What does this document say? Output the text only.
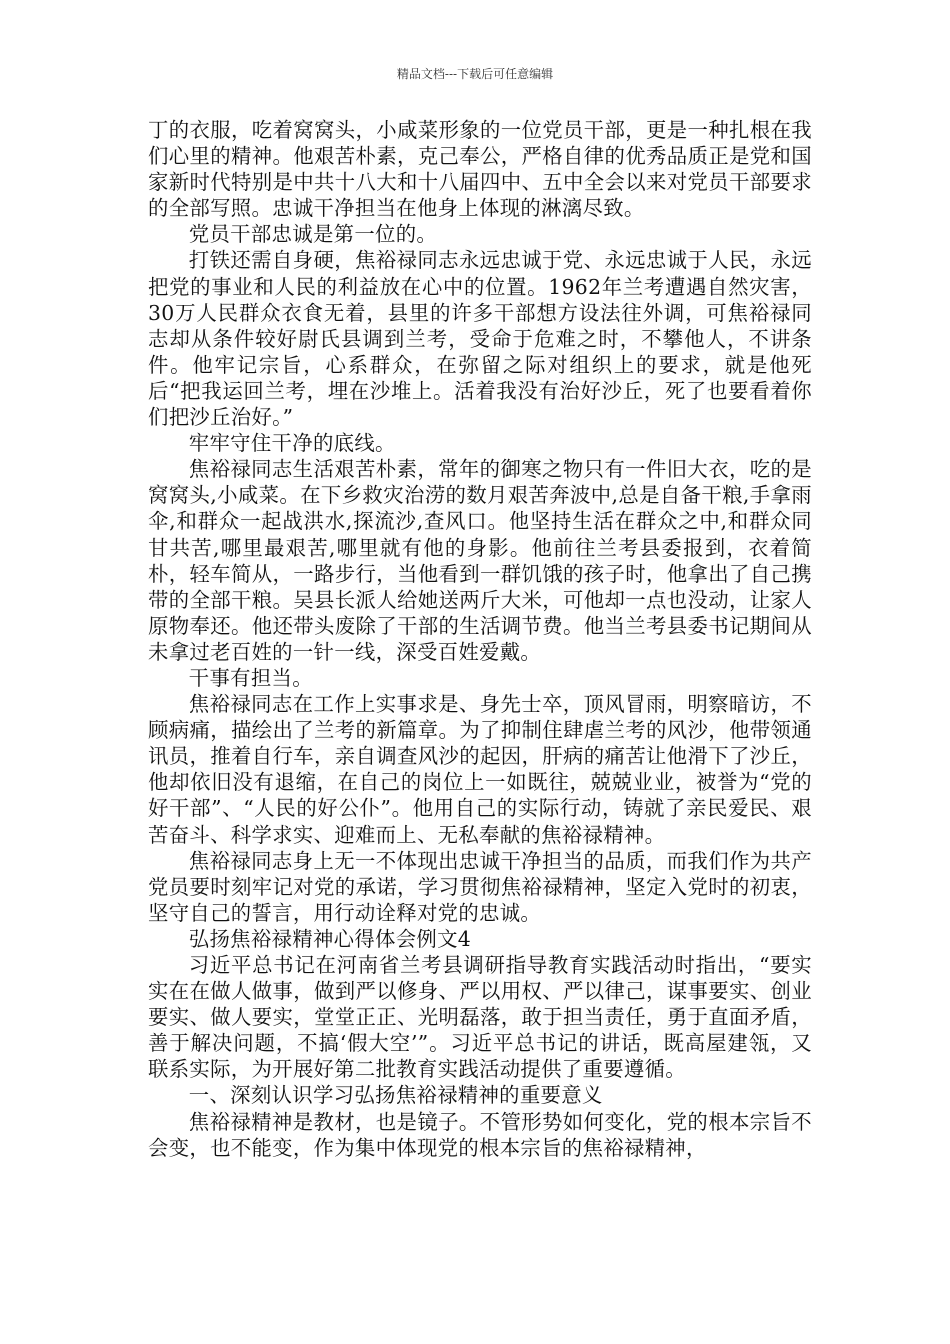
精品文档---下载后可任意编辑

丁的衣服，吃着窝窝头，小咸菜形象的一位党员干部，更是一种扎根在我们心里的精神。他艰苦朴素，克己奉公，严格自律的优秀品质正是党和国家新时代特别是中共十八大和十八届四中、五中全会以来对党员干部要求的全部写照。忠诚干净担当在他身上体现的淋漓尽致。

党员干部忠诚是第一位的。

打铁还需自身硬，焦裕禄同志永远忠诚于党、永远忠诚于人民，永远把党的事业和人民的利益放在心中的位置。1962年兰考遭遇自然灾害，30万人民群众衣食无着，县里的许多干部想方设法往外调，可焦裕禄同志却从条件较好尉氏县调到兰考，受命于危难之时，不攀他人，不讲条件。他牢记宗旨，心系群众，在弥留之际对组织上的要求，就是他死后“把我运回兰考，埋在沙堆上。活着我没有治好沙丘，死了也要看着你们把沙丘治好。”

牢牢守住干净的底线。

焦裕禄同志生活艰苦朴素，常年的御寒之物只有一件旧大衣，吃的是窝窝头,小咸菜。在下乡救灾治涝的数月艰苦奔波中,总是自备干粮,手拿雨伞,和群众一起战洪水,探流沙,查风口。他坚持生活在群众之中,和群众同甘共苦,哪里最艰苦,哪里就有他的身影。他前往兰考县委报到，衣着简朴，轻车简从，一路步行，当他看到一群饥饿的孩子时，他拿出了自己携带的全部干粮。吴县长派人给她送两斤大米，可他却一点也没动，让家人原物奉还。他还带头废除了干部的生活调节费。他当兰考县委书记期间从未拿过老百姓的一针一线，深受百姓爱戴。

干事有担当。

焦裕禄同志在工作上实事求是、身先士卒，顶风冒雨，明察暗访，不顾病痛，描绘出了兰考的新篇章。为了抑制住肆虐兰考的风沙，他带领通讯员，推着自行车，亲自调查风沙的起因，肝病的痛苦让他滑下了沙丘，他却依旧没有退缩，在自己的岗位上一如既往，兢兢业业，被誉为“党的好干部”、“人民的好公仆”。他用自己的实际行动，铸就了亲民爱民、艰苦奋斗、科学求实、迎难而上、无私奉献的焦裕禄精神。

焦裕禄同志身上无一不体现出忠诚干净担当的品质，而我们作为共产党员要时刻牢记对党的承诺，学习贯彻焦裕禄精神，坚定入党时的初衷，坚守自己的誓言，用行动诠释对党的忠诚。

弘扬焦裕禄精神心得体会例文4

习近平总书记在河南省兰考县调研指导教育实践活动时指出，“要实实在在做人做事，做到严以修身、严以用权、严以律己，谋事要实、创业要实、做人要实，堂堂正正、光明磊落，敢于担当责任，勇于直面矛盾，善于解决问题，不搞‘假大空’”。习近平总书记的讲话，既高屋建瓴，又联系实际，为开展好第二批教育实践活动提供了重要遵循。

一、深刻认识学习弘扬焦裕禄精神的重要意义

焦裕禄精神是教材，也是镜子。不管形势如何变化，党的根本宗旨不会变，也不能变，作为集中体现党的根本宗旨的焦裕禄精神，
